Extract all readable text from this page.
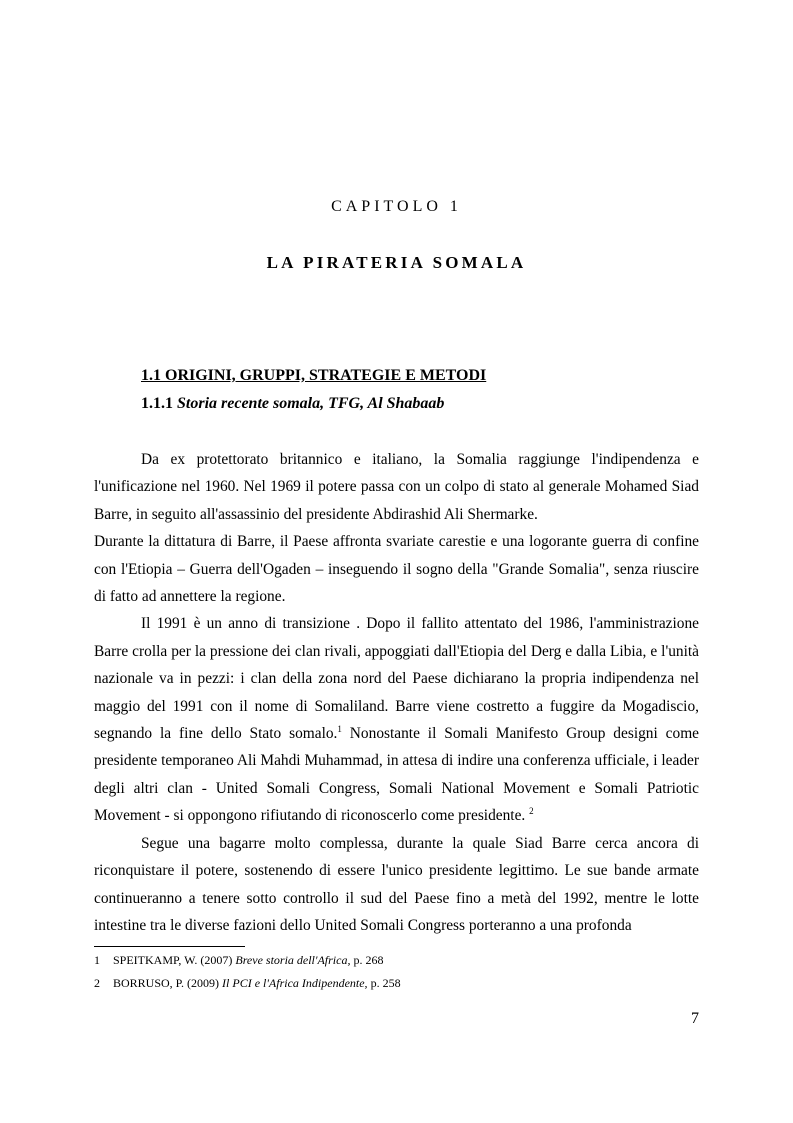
CAPITOLO 1
LA PIRATERIA SOMALA
1.1 ORIGINI, GRUPPI, STRATEGIE E METODI
1.1.1 Storia recente somala, TFG, Al Shabaab

Da ex protettorato britannico e italiano, la Somalia raggiunge l'indipendenza e l'unificazione nel 1960. Nel 1969 il potere passa con un colpo di stato al generale Mohamed Siad Barre, in seguito all'assassinio del presidente Abdirashid Ali Shermarke.

Durante la dittatura di Barre, il Paese affronta svariate carestie e una logorante guerra di confine con l'Etiopia – Guerra dell'Ogaden – inseguendo il sogno della "Grande Somalia", senza riuscire di fatto ad annettere la regione.

Il 1991 è un anno di transizione . Dopo il fallito attentato del 1986, l'amministrazione Barre crolla per la pressione dei clan rivali, appoggiati dall'Etiopia del Derg e dalla Libia, e l'unità nazionale va in pezzi: i clan della zona nord del Paese dichiarano la propria indipendenza nel maggio del 1991 con il nome di Somaliland. Barre viene costretto a fuggire da Mogadiscio, segnando la fine dello Stato somalo.$^1$ Nonostante il Somali Manifesto Group designi come presidente temporaneo Ali Mahdi Muhammad, in attesa di indire una conferenza ufficiale, i leader degli altri clan - United Somali Congress, Somali National Movement e Somali Patriotic Movement - si oppongono rifiutando di riconoscerlo come presidente. $^2$

Segue una bagarre molto complessa, durante la quale Siad Barre cerca ancora di riconquistare il potere, sostenendo di essere l'unico presidente legittimo. Le sue bande armate continueranno a tenere sotto controllo il sud del Paese fino a metà del 1992, mentre le lotte intestine tra le diverse fazioni dello United Somali Congress porteranno a una profonda

1 SPEITKAMP, W. (2007) Breve storia dell'Africa, p. 268
2 BORRUSO, P. (2009) Il PCI e l'Africa Indipendente, p. 258
7
